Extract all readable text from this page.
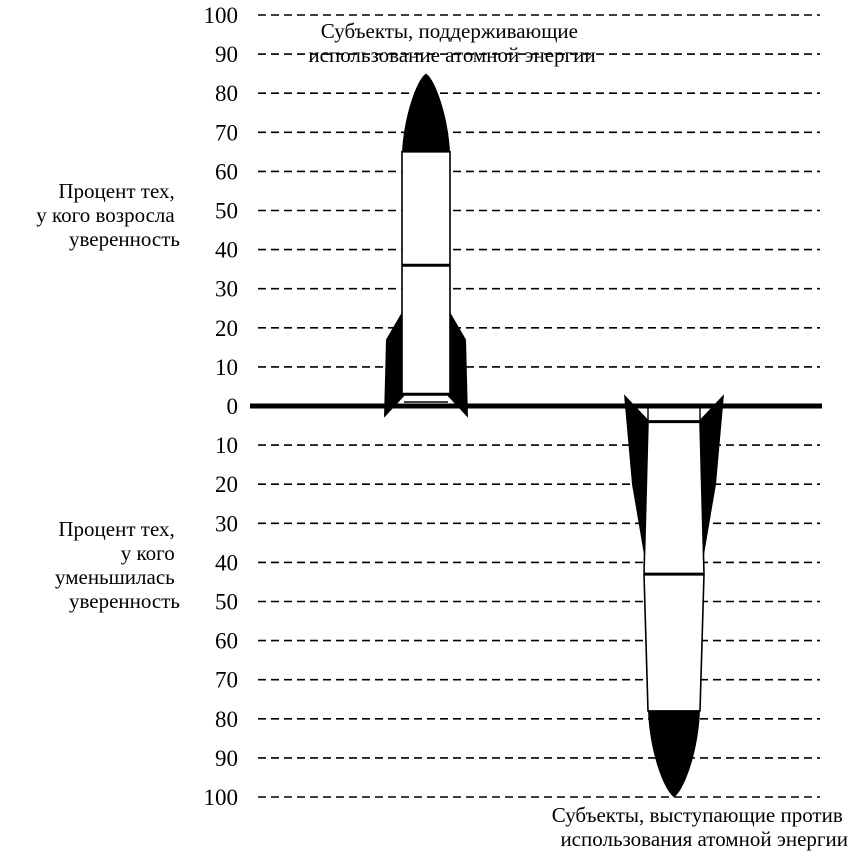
100
90
80
70
60
50
40
30
20
10
0
10
20
30
40
50
60
70
80
90
100
Процент тех, у кого возросла уверенность
Процент тех, у кого уменьшилась уверенность
Субъекты, поддерживающие использование атомной энергии
Субъекты, выступающие против использования атомной энергии
